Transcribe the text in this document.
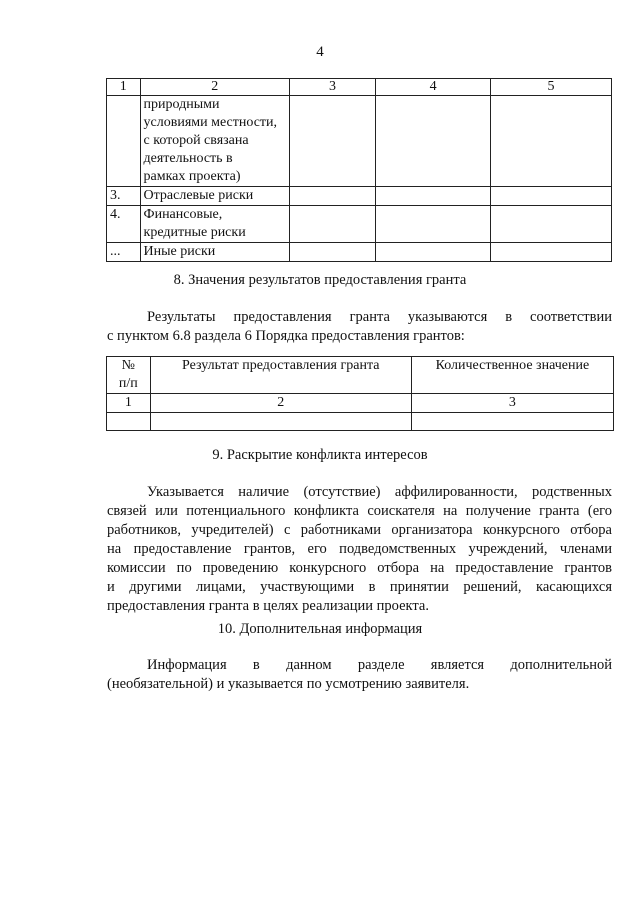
4
1	2	3	4	5

	природными
условиями местности,
с которой связана
деятельность в
рамках проекта)			

3.	Отраслевые риски			
4.	Финансовые,
кредитные риски			

...	Иные риски			
8. Значения результатов предоставления гранта
Результаты предоставления гранта указываются в соответствии
с пунктом 6.8 раздела 6 Порядка предоставления грантов:
№
п/п	Результат предоставления гранта	Количественное значение
1	2	3

9. Раскрытие конфликта интересов
Указывается наличие (отсутствие) аффилированности, родственных
связей или потенциального конфликта соискателя на получение гранта (его
работников, учредителей) с работниками организатора конкурсного отбора
на предоставление грантов, его подведомственных учреждений, членами
комиссии по проведению конкурсного отбора на предоставление грантов
и другими лицами, участвующими в принятии решений, касающихся
предоставления гранта в целях реализации проекта.
10. Дополнительная информация
Информация в данном разделе является дополнительной
(необязательной) и указывается по усмотрению заявителя.
